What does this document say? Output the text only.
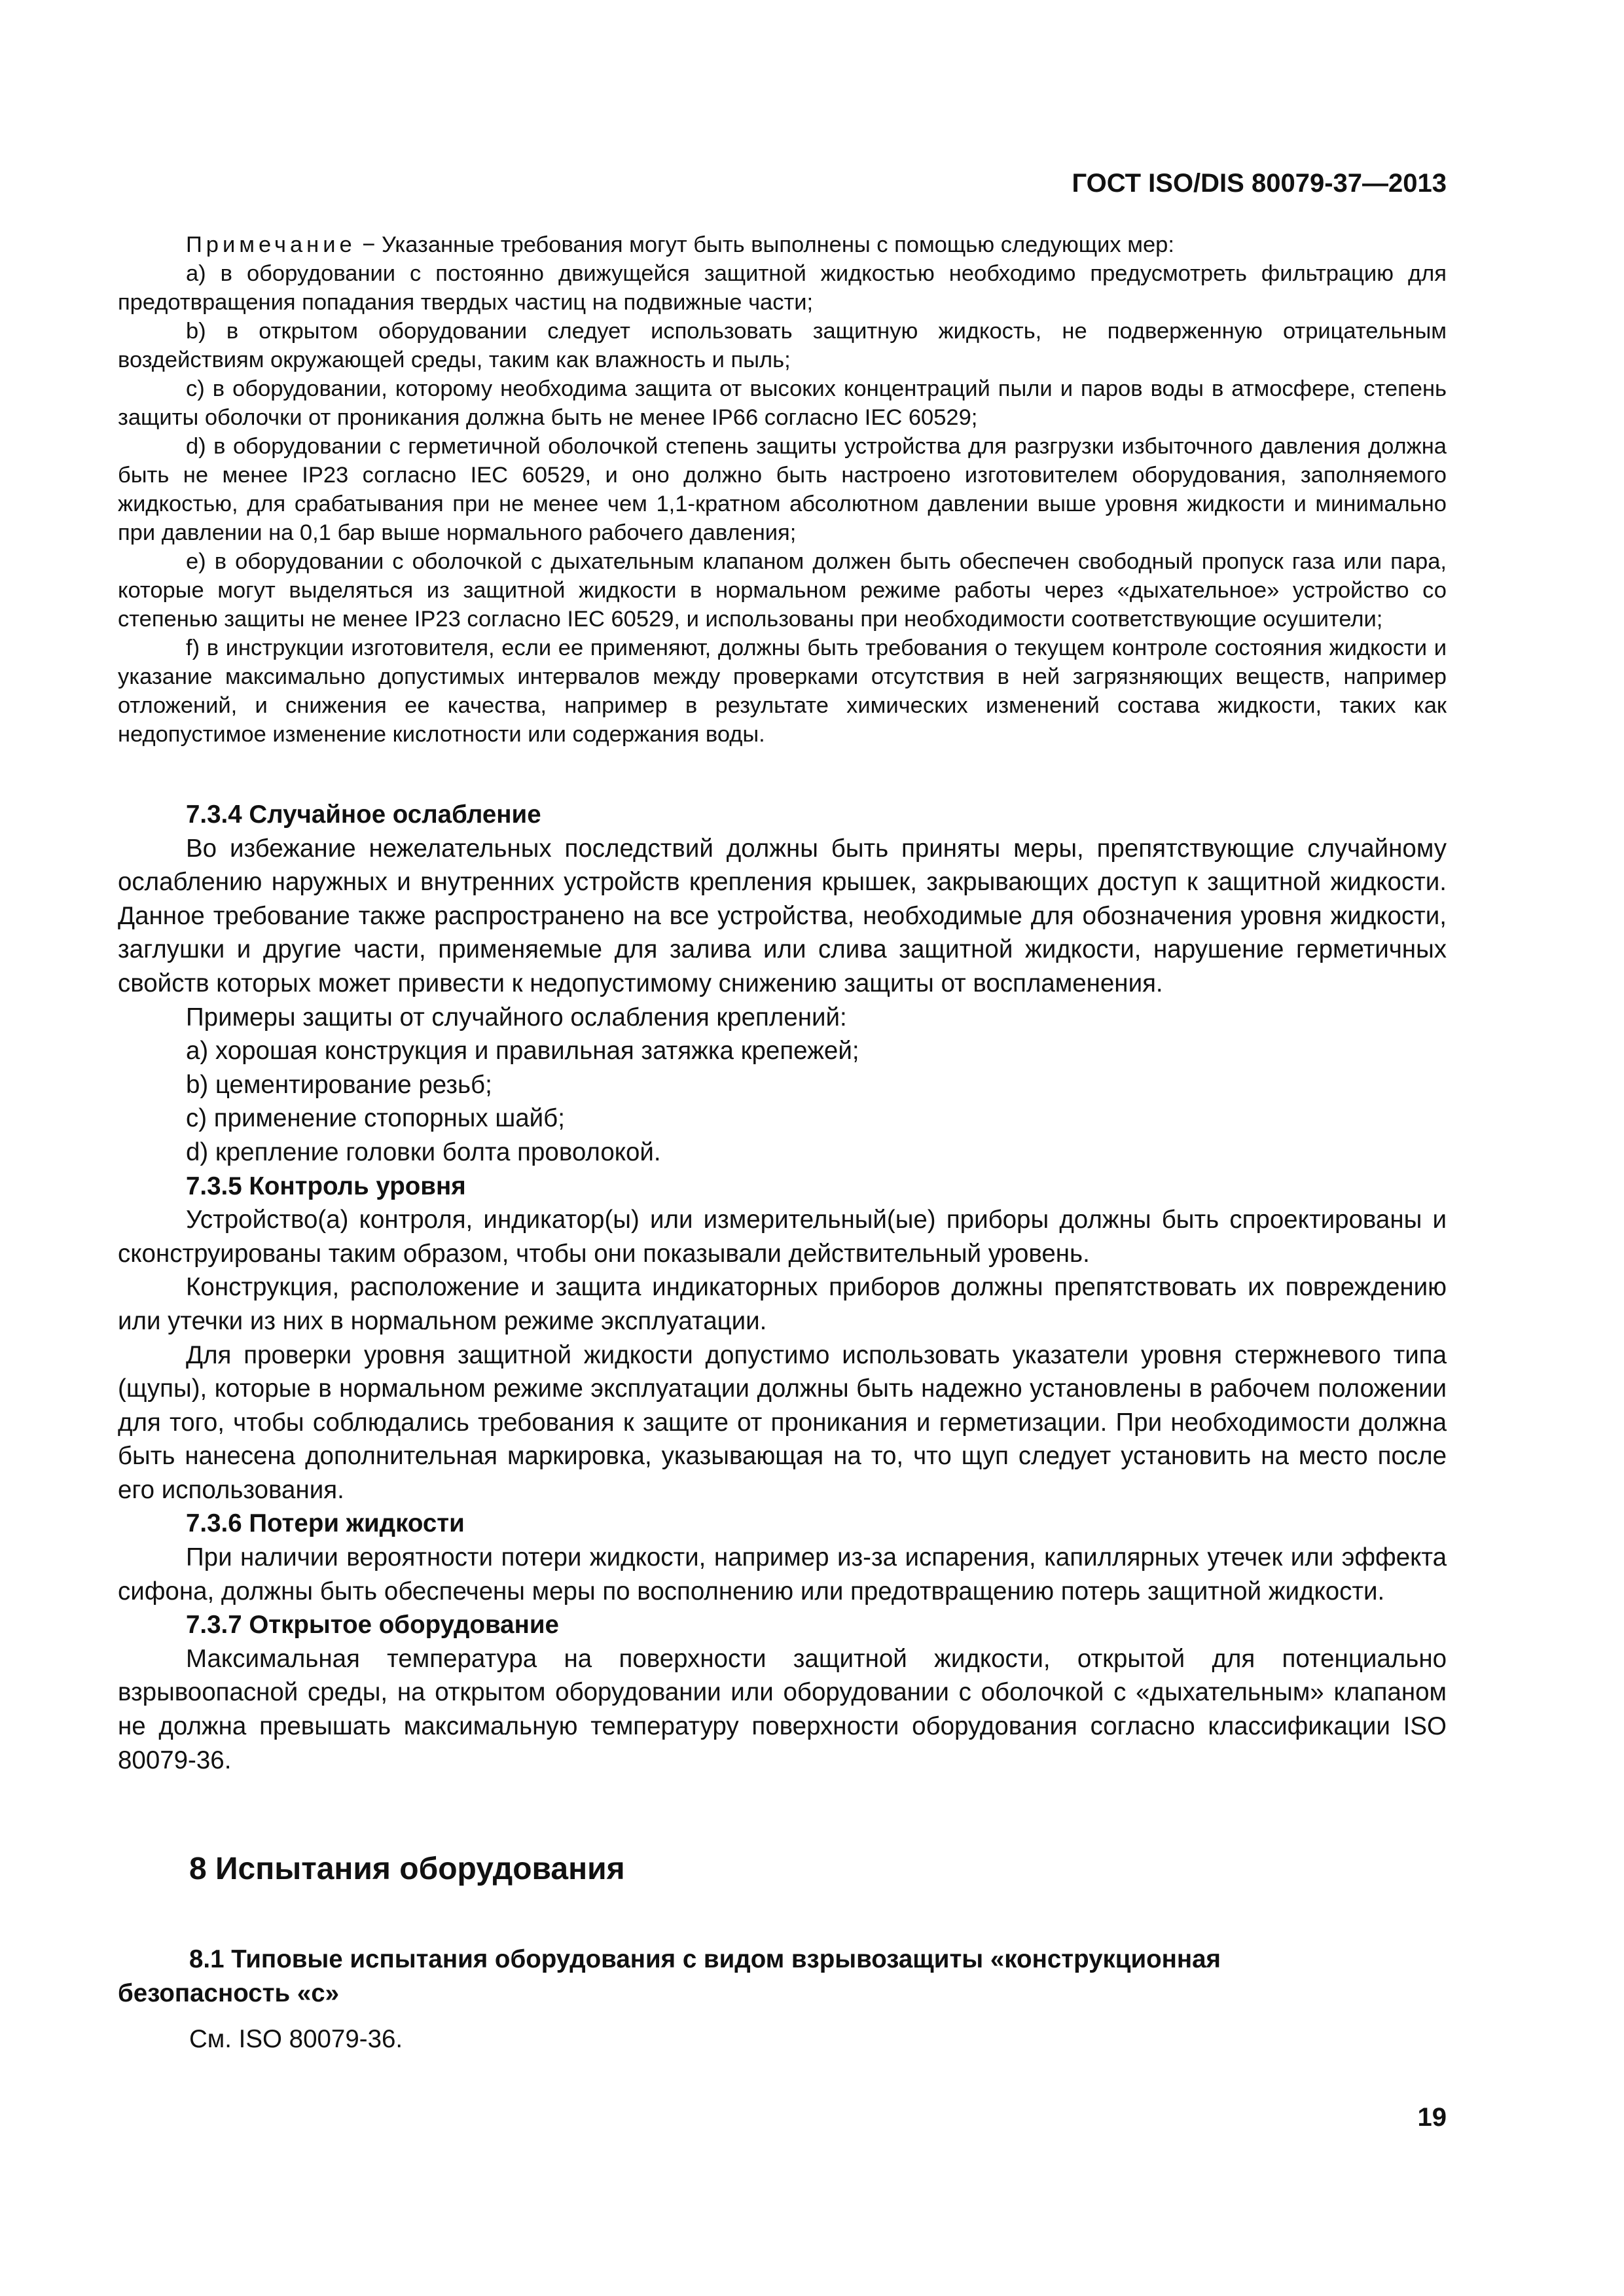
ГОСТ ISO/DIS 80079-37—2013

Примечание − Указанные требования могут быть выполнены с помощью следующих мер:

a) в оборудовании с постоянно движущейся защитной жидкостью необходимо предусмотреть фильтрацию для предотвращения попадания твердых частиц на подвижные части;

b) в открытом оборудовании следует использовать защитную жидкость, не подверженную отрицательным воздействиям окружающей среды, таким как влажность и пыль;

c) в оборудовании, которому необходима защита от высоких концентраций пыли и паров воды в атмосфере, степень защиты оболочки от проникания должна быть не менее IP66 согласно IEC 60529;

d) в оборудовании с герметичной оболочкой степень защиты устройства для разгрузки избыточного давления должна быть не менее IP23 согласно IEC 60529, и оно должно быть настроено изготовителем оборудования, заполняемого жидкостью, для срабатывания при не менее чем 1,1-кратном абсолютном давлении выше уровня жидкости и минимально при давлении на 0,1 бар выше нормального рабочего давления;

e) в оборудовании с оболочкой с дыхательным клапаном должен быть обеспечен свободный пропуск газа или пара, которые могут выделяться из защитной жидкости в нормальном режиме работы через «дыхательное» устройство со степенью защиты не менее IP23 согласно IEC 60529, и использованы при необходимости соответствующие осушители;

f) в инструкции изготовителя, если ее применяют, должны быть требования о текущем контроле состояния жидкости и указание максимально допустимых интервалов между проверками отсутствия в ней загрязняющих веществ, например отложений, и снижения ее качества, например в результате химических изменений состава жидкости, таких как недопустимое изменение кислотности или содержания воды.

7.3.4 Случайное ослабление

Во избежание нежелательных последствий должны быть приняты меры, препятствующие случайному ослаблению наружных и внутренних устройств крепления крышек, закрывающих доступ к защитной жидкости. Данное требование также распространено на все устройства, необходимые для обозначения уровня жидкости, заглушки и другие части, применяемые для залива или слива защитной жидкости, нарушение герметичных свойств которых может привести к недопустимому снижению защиты от воспламенения.

Примеры защиты от случайного ослабления креплений:

a) хорошая конструкция и правильная затяжка крепежей;

b) цементирование резьб;

c) применение стопорных шайб;

d) крепление головки болта проволокой.

7.3.5 Контроль уровня

Устройство(а) контроля, индикатор(ы) или измерительный(ые) приборы должны быть спроектированы и сконструированы таким образом, чтобы они показывали действительный уровень.

Конструкция, расположение и защита индикаторных приборов должны препятствовать их повреждению или утечки из них в нормальном режиме эксплуатации.

Для проверки уровня защитной жидкости допустимо использовать указатели уровня стержневого типа (щупы), которые в нормальном режиме эксплуатации должны быть надежно установлены в рабочем положении для того, чтобы соблюдались требования к защите от проникания и герметизации. При необходимости должна быть нанесена дополнительная маркировка, указывающая на то, что щуп следует установить на место после его использования.

7.3.6 Потери жидкости

При наличии вероятности потери жидкости, например из-за испарения, капиллярных утечек или эффекта сифона, должны быть обеспечены меры по восполнению или предотвращению потерь защитной жидкости.

7.3.7 Открытое оборудование

Максимальная температура на поверхности защитной жидкости, открытой для потенциально взрывоопасной среды, на открытом оборудовании или оборудовании с оболочкой с «дыхательным» клапаном не должна превышать максимальную температуру поверхности оборудования согласно классификации ISO 80079-36.

8 Испытания оборудования
8.1 Типовые испытания оборудования с видом взрывозащиты «конструкционная
безопасность «с»

См. ISO 80079-36.

19
